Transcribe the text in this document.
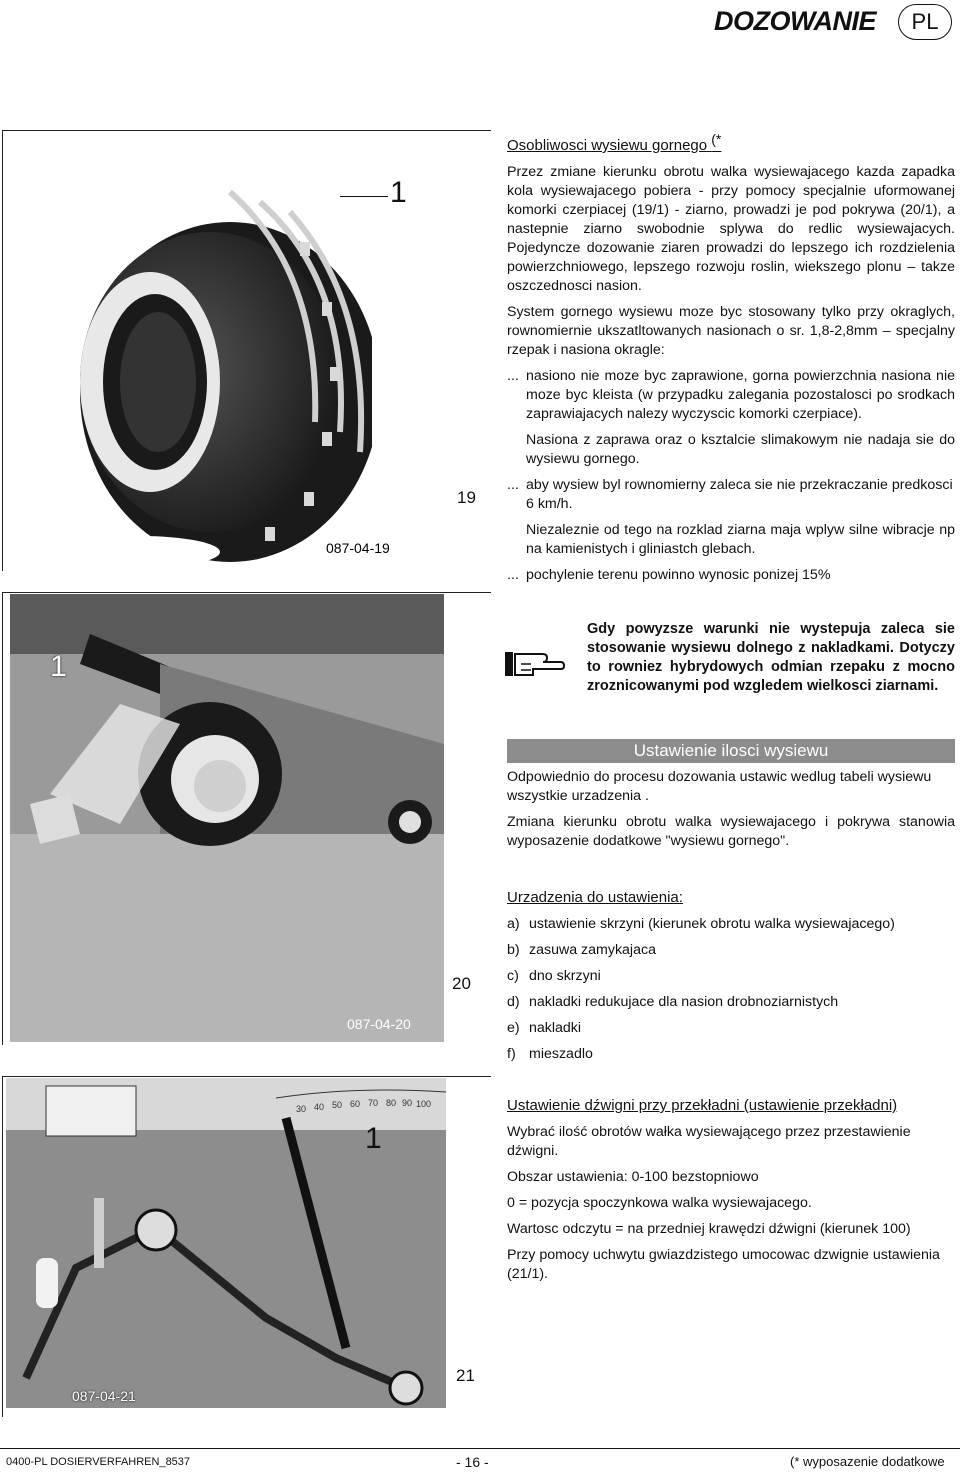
DOZOWANIE	PL
1
087-04-19
19
1
087-04-20
20
30 40 50 60 70 80 90 100
1
087-04-21
21
Osobliwosci wysiewu gornego (*

Przez zmiane kierunku obrotu walka wysiewajacego kazda zapadka kola wysiewajacego pobiera - przy pomocy specjalnie uformowanej komorki czerpiacej (19/1) - ziarno, prowadzi je pod pokrywa (20/1), a nastepnie ziarno swobodnie splywa do redlic wysiewajacych. Pojedyncze dozowanie ziaren prowadzi do lepszego ich rozdzielenia powierzchniowego, lepszego rozwoju roslin, wiekszego plonu – takze oszczednosci nasion.

System gornego wysiewu moze byc stosowany tylko przy okraglych, rownomiernie ukszatltowanych nasionach o sr. 1,8-2,8mm – specjalny rzepak i nasiona okragle:

... nasiono nie moze byc zaprawione, gorna powierzchnia nasiona nie moze byc kleista (w przypadku zalegania pozostalosci po srodkach zaprawiajacych nalezy wyczyscic komorki czerpiace).

Nasiona z zaprawa oraz o ksztalcie slimakowym nie nadaja sie do wysiewu gornego.

... aby wysiew byl rownomierny zaleca sie nie przekraczanie predkosci 6 km/h.

Niezaleznie od tego na rozklad ziarna maja wplyw silne wibracje np na kamienistych i gliniastch glebach.

... pochylenie terenu powinno wynosic ponizej 15%

Gdy powyzsze warunki nie wystepuja zaleca sie stosowanie wysiewu dolnego z nakladkami. Dotyczy to rowniez hybrydowych odmian rzepaku z mocno zroznicowanymi pod wzgledem wielkosci ziarnami.
Ustawienie ilosci wysiewu

Odpowiednio do procesu dozowania ustawic wedlug tabeli wysiewu wszystkie urzadzenia .

Zmiana kierunku obrotu walka wysiewajacego i pokrywa stanowia wyposazenie dodatkowe "wysiewu gornego".

Urzadzenia do ustawienia:
a) ustawienie skrzyni (kierunek obrotu walka wysiewajacego)
b) zasuwa zamykajaca
c) dno skrzyni
d) nakladki redukujace dla nasion drobnoziarnistych
e) nakladki
f) mieszadlo
Ustawienie dźwigni przy przekładni (ustawienie przekładni)

Wybrać ilość obrotów wałka wysiewającego przez przestawienie dźwigni.

Obszar ustawienia: 0-100 bezstopniowo

0 = pozycja spoczynkowa walka wysiewajacego.

Wartosc odczytu = na przedniej krawędzi dźwigni (kierunek 100)

Przy pomocy uchwytu gwiazdzistego umocowac dzwignie ustawienia (21/1).

0400-PL DOSIERVERFAHREN_8537	- 16 -	(* wyposazenie dodatkowe
